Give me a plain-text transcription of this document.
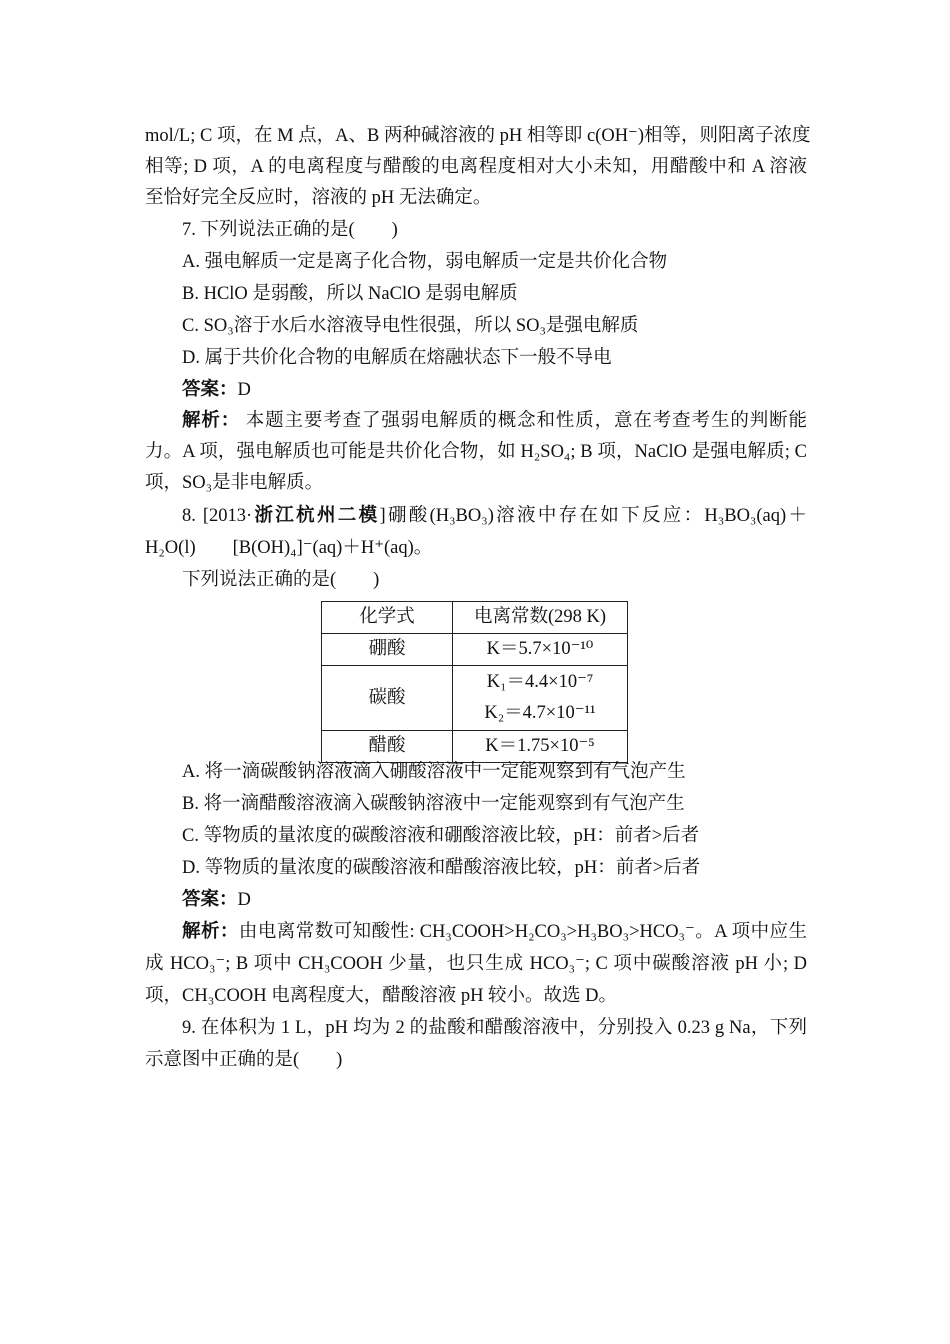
mol/L; C 项，在 M 点，A、B 两种碱溶液的 pH 相等即 c(OH⁻)相等，则阳离子浓度
相等; D 项，A 的电离程度与醋酸的电离程度相对大小未知，用醋酸中和 A 溶液
至恰好完全反应时，溶液的 pH 无法确定。
7. 下列说法正确的是(　　)
A. 强电解质一定是离子化合物，弱电解质一定是共价化合物
B. HClO 是弱酸，所以 NaClO 是弱电解质
C. SO₃溶于水后水溶液导电性很强，所以 SO₃是强电解质
D. 属于共价化合物的电解质在熔融状态下一般不导电
答案：D
解析： 本题主要考查了强弱电解质的概念和性质，意在考查考生的判断能
力。A 项，强电解质也可能是共价化合物，如 H₂SO₄; B 项，NaClO 是强电解质; C
项，SO₃是非电解质。
8. [2013·浙江杭州二模]硼酸(H₃BO₃)溶液中存在如下反应：H₃BO₃(aq)＋
H₂O(l)　　[B(OH)₄]⁻(aq)＋H⁺(aq)。
下列说法正确的是(　　)
化学式	电离常数(298 K)
硼酸	K＝5.7×10⁻¹⁰
碳酸	K₁＝4.4×10⁻⁷
K₂＝4.7×10⁻¹¹

醋酸	K＝1.75×10⁻⁵
A. 将一滴碳酸钠溶液滴入硼酸溶液中一定能观察到有气泡产生
B. 将一滴醋酸溶液滴入碳酸钠溶液中一定能观察到有气泡产生
C. 等物质的量浓度的碳酸溶液和硼酸溶液比较，pH：前者>后者
D. 等物质的量浓度的碳酸溶液和醋酸溶液比较，pH：前者>后者
答案：D
解析：由电离常数可知酸性: CH₃COOH>H₂CO₃>H₃BO₃>HCO₃⁻。A 项中应生
成 HCO₃⁻; B 项中 CH₃COOH 少量，也只生成 HCO₃⁻; C 项中碳酸溶液 pH 小; D
项，CH₃COOH 电离程度大，醋酸溶液 pH 较小。故选 D。
9. 在体积为 1 L，pH 均为 2 的盐酸和醋酸溶液中，分别投入 0.23 g Na，下列
示意图中正确的是(　　)
